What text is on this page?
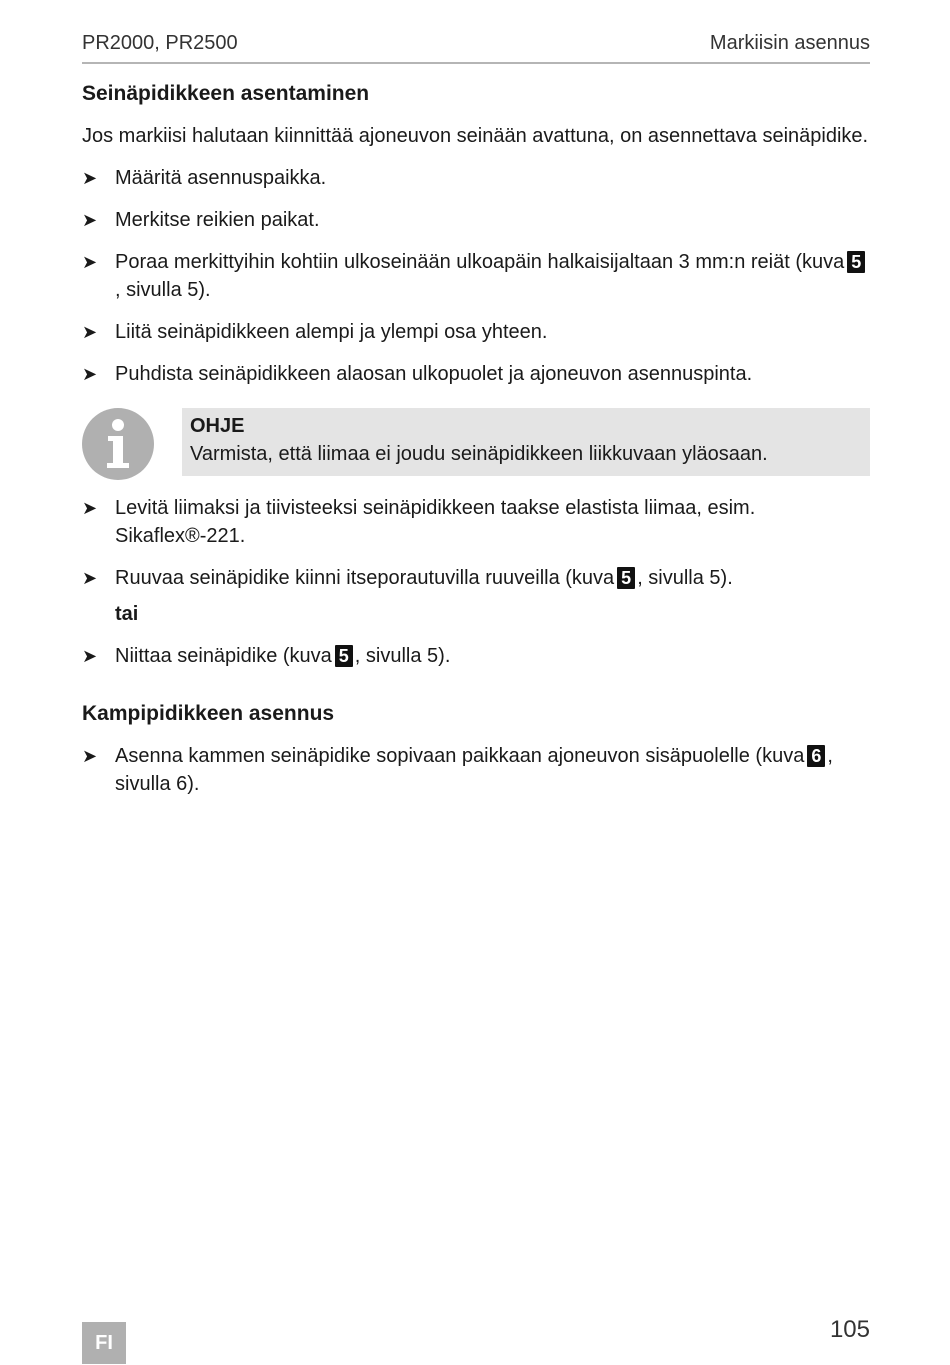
PR2000, PR2500	Markiisin asennus
Seinäpidikkeen asentaminen

Jos markiisi halutaan kiinnittää ajoneuvon seinään avattuna, on asennettava seinäpidike.

➤ Määritä asennuspaikka.
➤ Merkitse reikien paikat.
➤ Poraa merkittyihin kohtiin ulkoseinään ulkoapäin halkaisijaltaan 3 mm:n reiät (kuva 5, sivulla 5).
➤ Liitä seinäpidikkeen alempi ja ylempi osa yhteen.
➤ Puhdista seinäpidikkeen alaosan ulkopuolet ja ajoneuvon asennuspinta.
OHJE
Varmista, että liimaa ei joudu seinäpidikkeen liikkuvaan yläosaan.
➤ Levitä liimaksi ja tiivisteeksi seinäpidikkeen taakse elastista liimaa, esim. Sikaflex®-221.
➤ Ruuvaa seinäpidike kiinni itseporautuvilla ruuveilla (kuva 5 , sivulla 5).
tai
➤ Niittaa seinäpidike (kuva 5 , sivulla 5).
Kampipidikkeen asennus
➤ Asenna kammen seinäpidike sopivaan paikkaan ajoneuvon sisäpuolelle (kuva 6 , sivulla 6).
FI	105
